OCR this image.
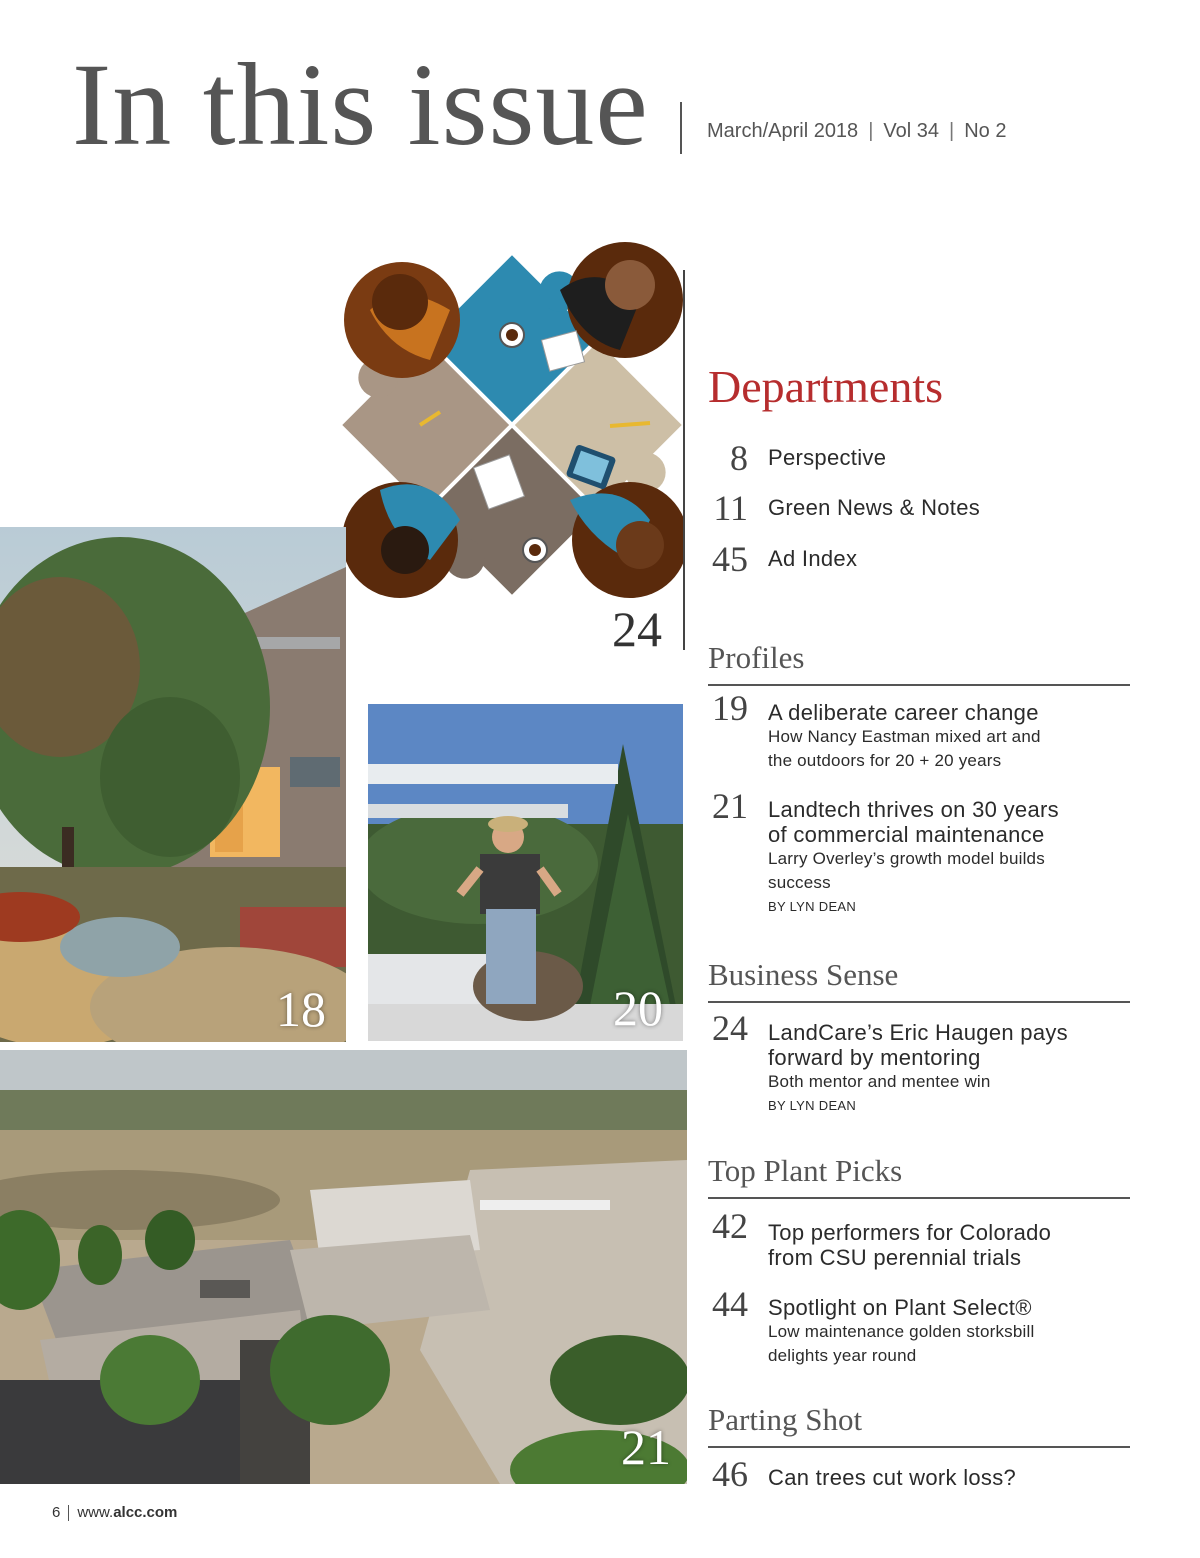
In this issue	March/April 2018 | Vol 34 | No 2
24
18	20
21
Departments
8 Perspective
11 Green News & Notes
45 Ad Index
Profiles
19 A deliberate career change
How Nancy Eastman mixed art and
the outdoors for 20 + 20 years
21 Landtech thrives on 30 years
of commercial maintenance
Larry Overley’s growth model builds
success
BY LYN DEAN
Business Sense
24 LandCare’s Eric Haugen pays
forward by mentoring
Both mentor and mentee win
BY LYN DEAN
Top Plant Picks
42 Top performers for Colorado
from CSU perennial trials
44 Spotlight on Plant Select®
Low maintenance golden storksbill
delights year round
Parting Shot
46 Can trees cut work loss?
6 www.alcc.com
